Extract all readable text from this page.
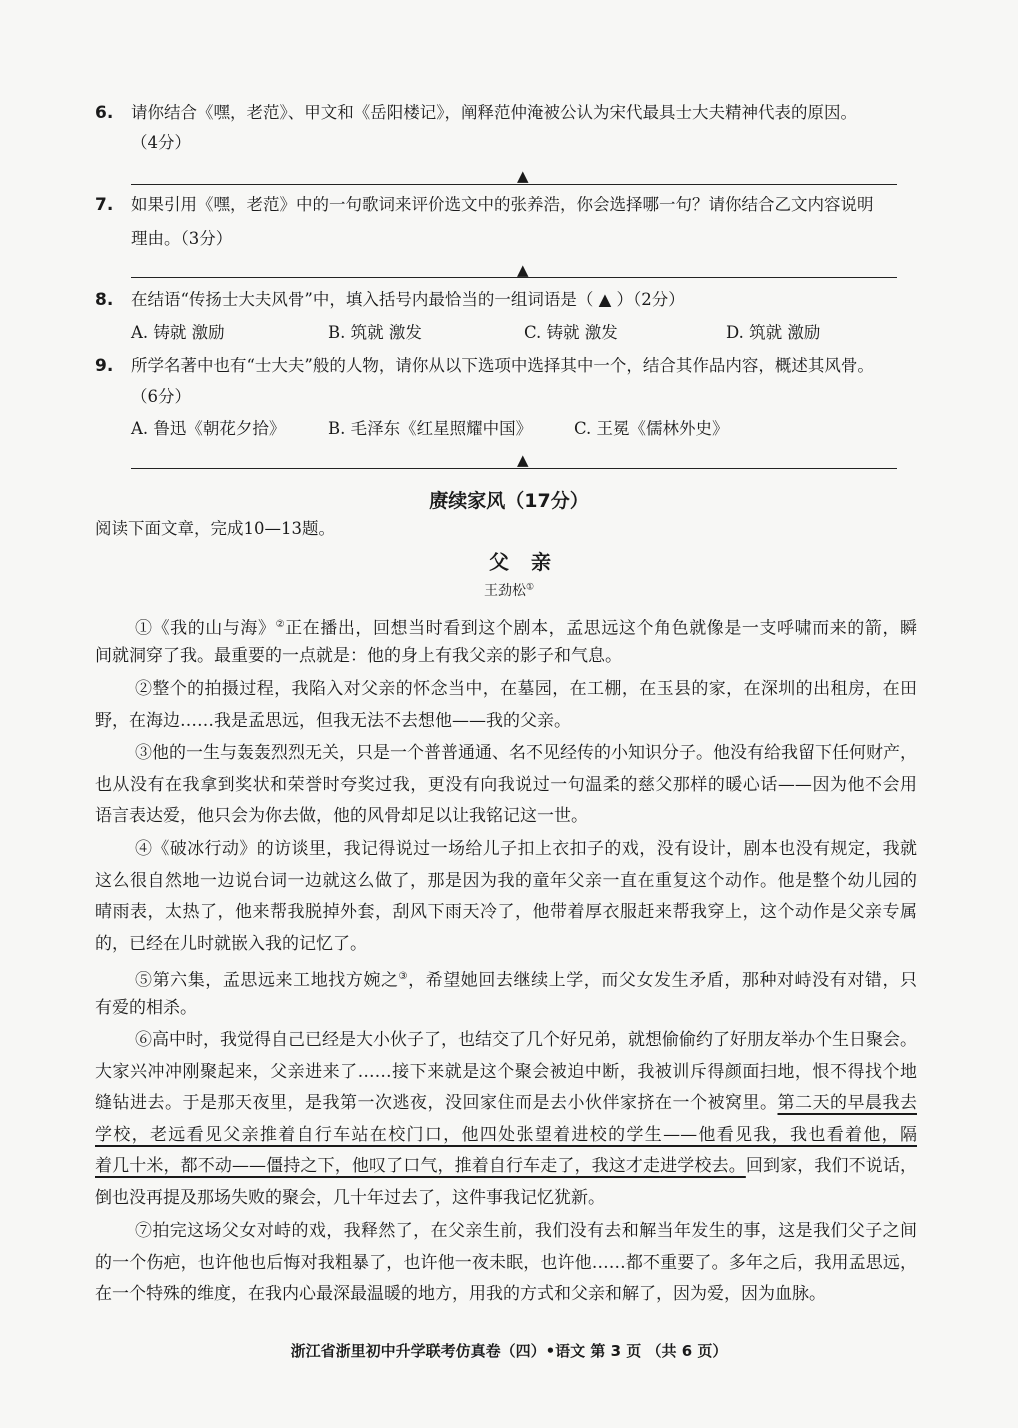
6. 请你结合《嘿，老范》、甲文和《岳阳楼记》，阐释范仲淹被公认为宋代最具士大夫精神代表的原因。
（4分）
▲
7. 如果引用《嘿，老范》中的一句歌词来评价选文中的张养浩，你会选择哪一句？请你结合乙文内容说明
理由。（3分）
▲
8. 在结语“传扬士大夫风骨”中，填入括号内最恰当的一组词语是（ ▲ ）（2分）
A. 铸就 激励	B. 筑就 激发	C. 铸就 激发	D. 筑就 激励
9. 所学名著中也有“士大夫”般的人物，请你从以下选项中选择其中一个，结合其作品内容，概述其风骨。
（6分）
A. 鲁迅《朝花夕拾》	B. 毛泽东《红星照耀中国》	C. 王冕《儒林外史》
▲
赓续家风（17分）
阅读下面文章，完成10—13题。
父亲
王劲松①
①《我的山与海》②正在播出，回想当时看到这个剧本，孟思远这个角色就像是一支呼啸而来的箭，瞬
间就洞穿了我。最重要的一点就是：他的身上有我父亲的影子和气息。
②整个的拍摄过程，我陷入对父亲的怀念当中，在墓园，在工棚，在玉县的家，在深圳的出租房，在田
野，在海边……我是孟思远，但我无法不去想他——我的父亲。
③他的一生与轰轰烈烈无关，只是一个普普通通、名不见经传的小知识分子。他没有给我留下任何财产，
也从没有在我拿到奖状和荣誉时夸奖过我，更没有向我说过一句温柔的慈父那样的暖心话——因为他不会用
语言表达爱，他只会为你去做，他的风骨却足以让我铭记这一世。
④《破冰行动》的访谈里，我记得说过一场给儿子扣上衣扣子的戏，没有设计，剧本也没有规定，我就
这么很自然地一边说台词一边就这么做了，那是因为我的童年父亲一直在重复这个动作。他是整个幼儿园的
晴雨表，太热了，他来帮我脱掉外套，刮风下雨天冷了，他带着厚衣服赶来帮我穿上，这个动作是父亲专属
的，已经在儿时就嵌入我的记忆了。
⑤第六集，孟思远来工地找方婉之③，希望她回去继续上学，而父女发生矛盾，那种对峙没有对错，只
有爱的相杀。
⑥高中时，我觉得自己已经是大小伙子了，也结交了几个好兄弟，就想偷偷约了好朋友举办个生日聚会。
大家兴冲冲刚聚起来，父亲进来了……接下来就是这个聚会被迫中断，我被训斥得颜面扫地，恨不得找个地
缝钻进去。于是那天夜里，是我第一次逃夜，没回家住而是去小伙伴家挤在一个被窝里。第二天的早晨我去
学校，老远看见父亲推着自行车站在校门口，他四处张望着进校的学生——他看见我，我也看着他，隔
着几十米，都不动——僵持之下，他叹了口气，推着自行车走了，我这才走进学校去。回到家，我们不说话，
倒也没再提及那场失败的聚会，几十年过去了，这件事我记忆犹新。
⑦拍完这场父女对峙的戏，我释然了，在父亲生前，我们没有去和解当年发生的事，这是我们父子之间
的一个伤疤，也许他也后悔对我粗暴了，也许他一夜未眠，也许他……都不重要了。多年之后，我用孟思远，
在一个特殊的维度，在我内心最深最温暖的地方，用我的方式和父亲和解了，因为爱，因为血脉。
浙江省浙里初中升学联考仿真卷（四）•语文 第 3 页 （共 6 页）
